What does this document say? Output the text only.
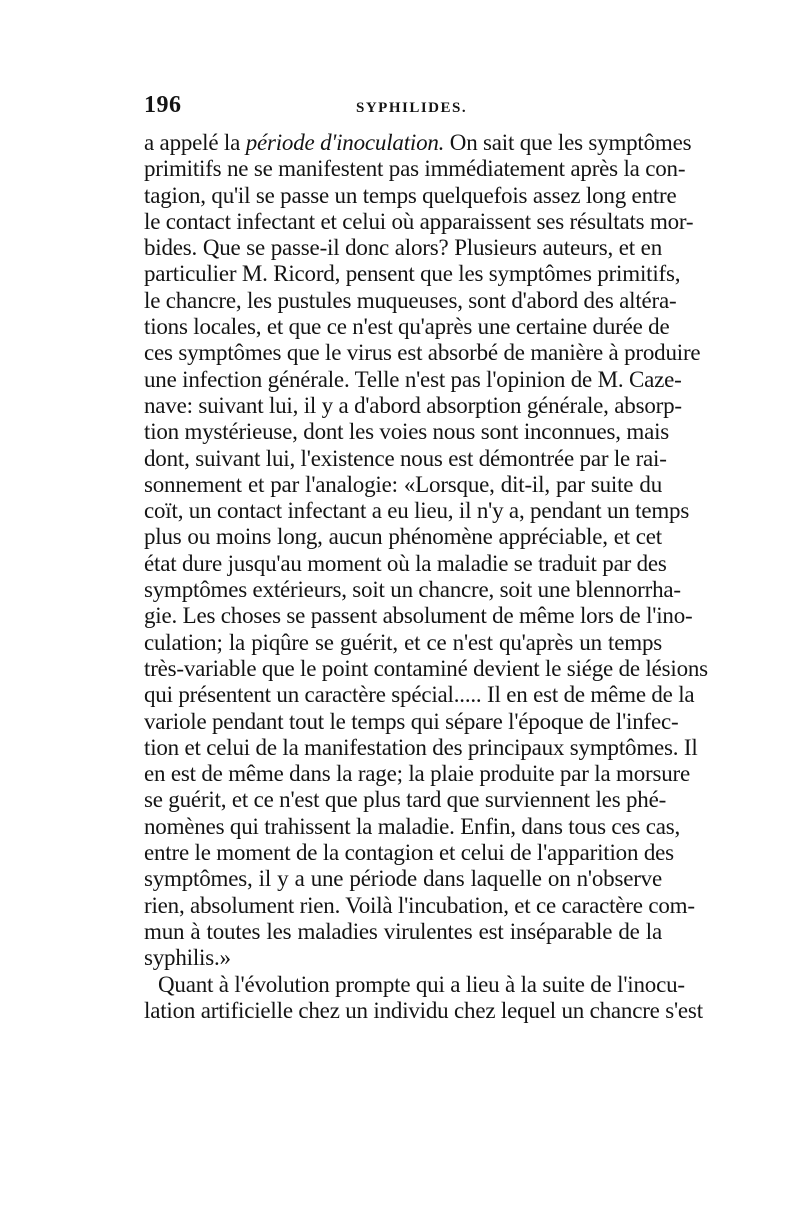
196	SYPHILIDES.
a appelé la période d'inoculation. On sait que les symptômes
primitifs ne se manifestent pas immédiatement après la con-
tagion, qu'il se passe un temps quelquefois assez long entre
le contact infectant et celui où apparaissent ses résultats mor-
bides. Que se passe-il donc alors? Plusieurs auteurs, et en
particulier M. Ricord, pensent que les symptômes primitifs,
le chancre, les pustules muqueuses, sont d'abord des altéra-
tions locales, et que ce n'est qu'après une certaine durée de
ces symptômes que le virus est absorbé de manière à produire
une infection générale. Telle n'est pas l'opinion de M. Caze-
nave: suivant lui, il y a d'abord absorption générale, absorp-
tion mystérieuse, dont les voies nous sont inconnues, mais
dont, suivant lui, l'existence nous est démontrée par le rai-
sonnement et par l'analogie: «Lorsque, dit-il, par suite du
coït, un contact infectant a eu lieu, il n'y a, pendant un temps
plus ou moins long, aucun phénomène appréciable, et cet
état dure jusqu'au moment où la maladie se traduit par des
symptômes extérieurs, soit un chancre, soit une blennorrha-
gie. Les choses se passent absolument de même lors de l'ino-
culation; la piqûre se guérit, et ce n'est qu'après un temps
très-variable que le point contaminé devient le siége de lésions
qui présentent un caractère spécial..... Il en est de même de la
variole pendant tout le temps qui sépare l'époque de l'infec-
tion et celui de la manifestation des principaux symptômes. Il
en est de même dans la rage; la plaie produite par la morsure
se guérit, et ce n'est que plus tard que surviennent les phé-
nomènes qui trahissent la maladie. Enfin, dans tous ces cas,
entre le moment de la contagion et celui de l'apparition des
symptômes, il y a une période dans laquelle on n'observe
rien, absolument rien. Voilà l'incubation, et ce caractère com-
mun à toutes les maladies virulentes est inséparable de la
syphilis.»
Quant à l'évolution prompte qui a lieu à la suite de l'inocu-
lation artificielle chez un individu chez lequel un chancre s'est
